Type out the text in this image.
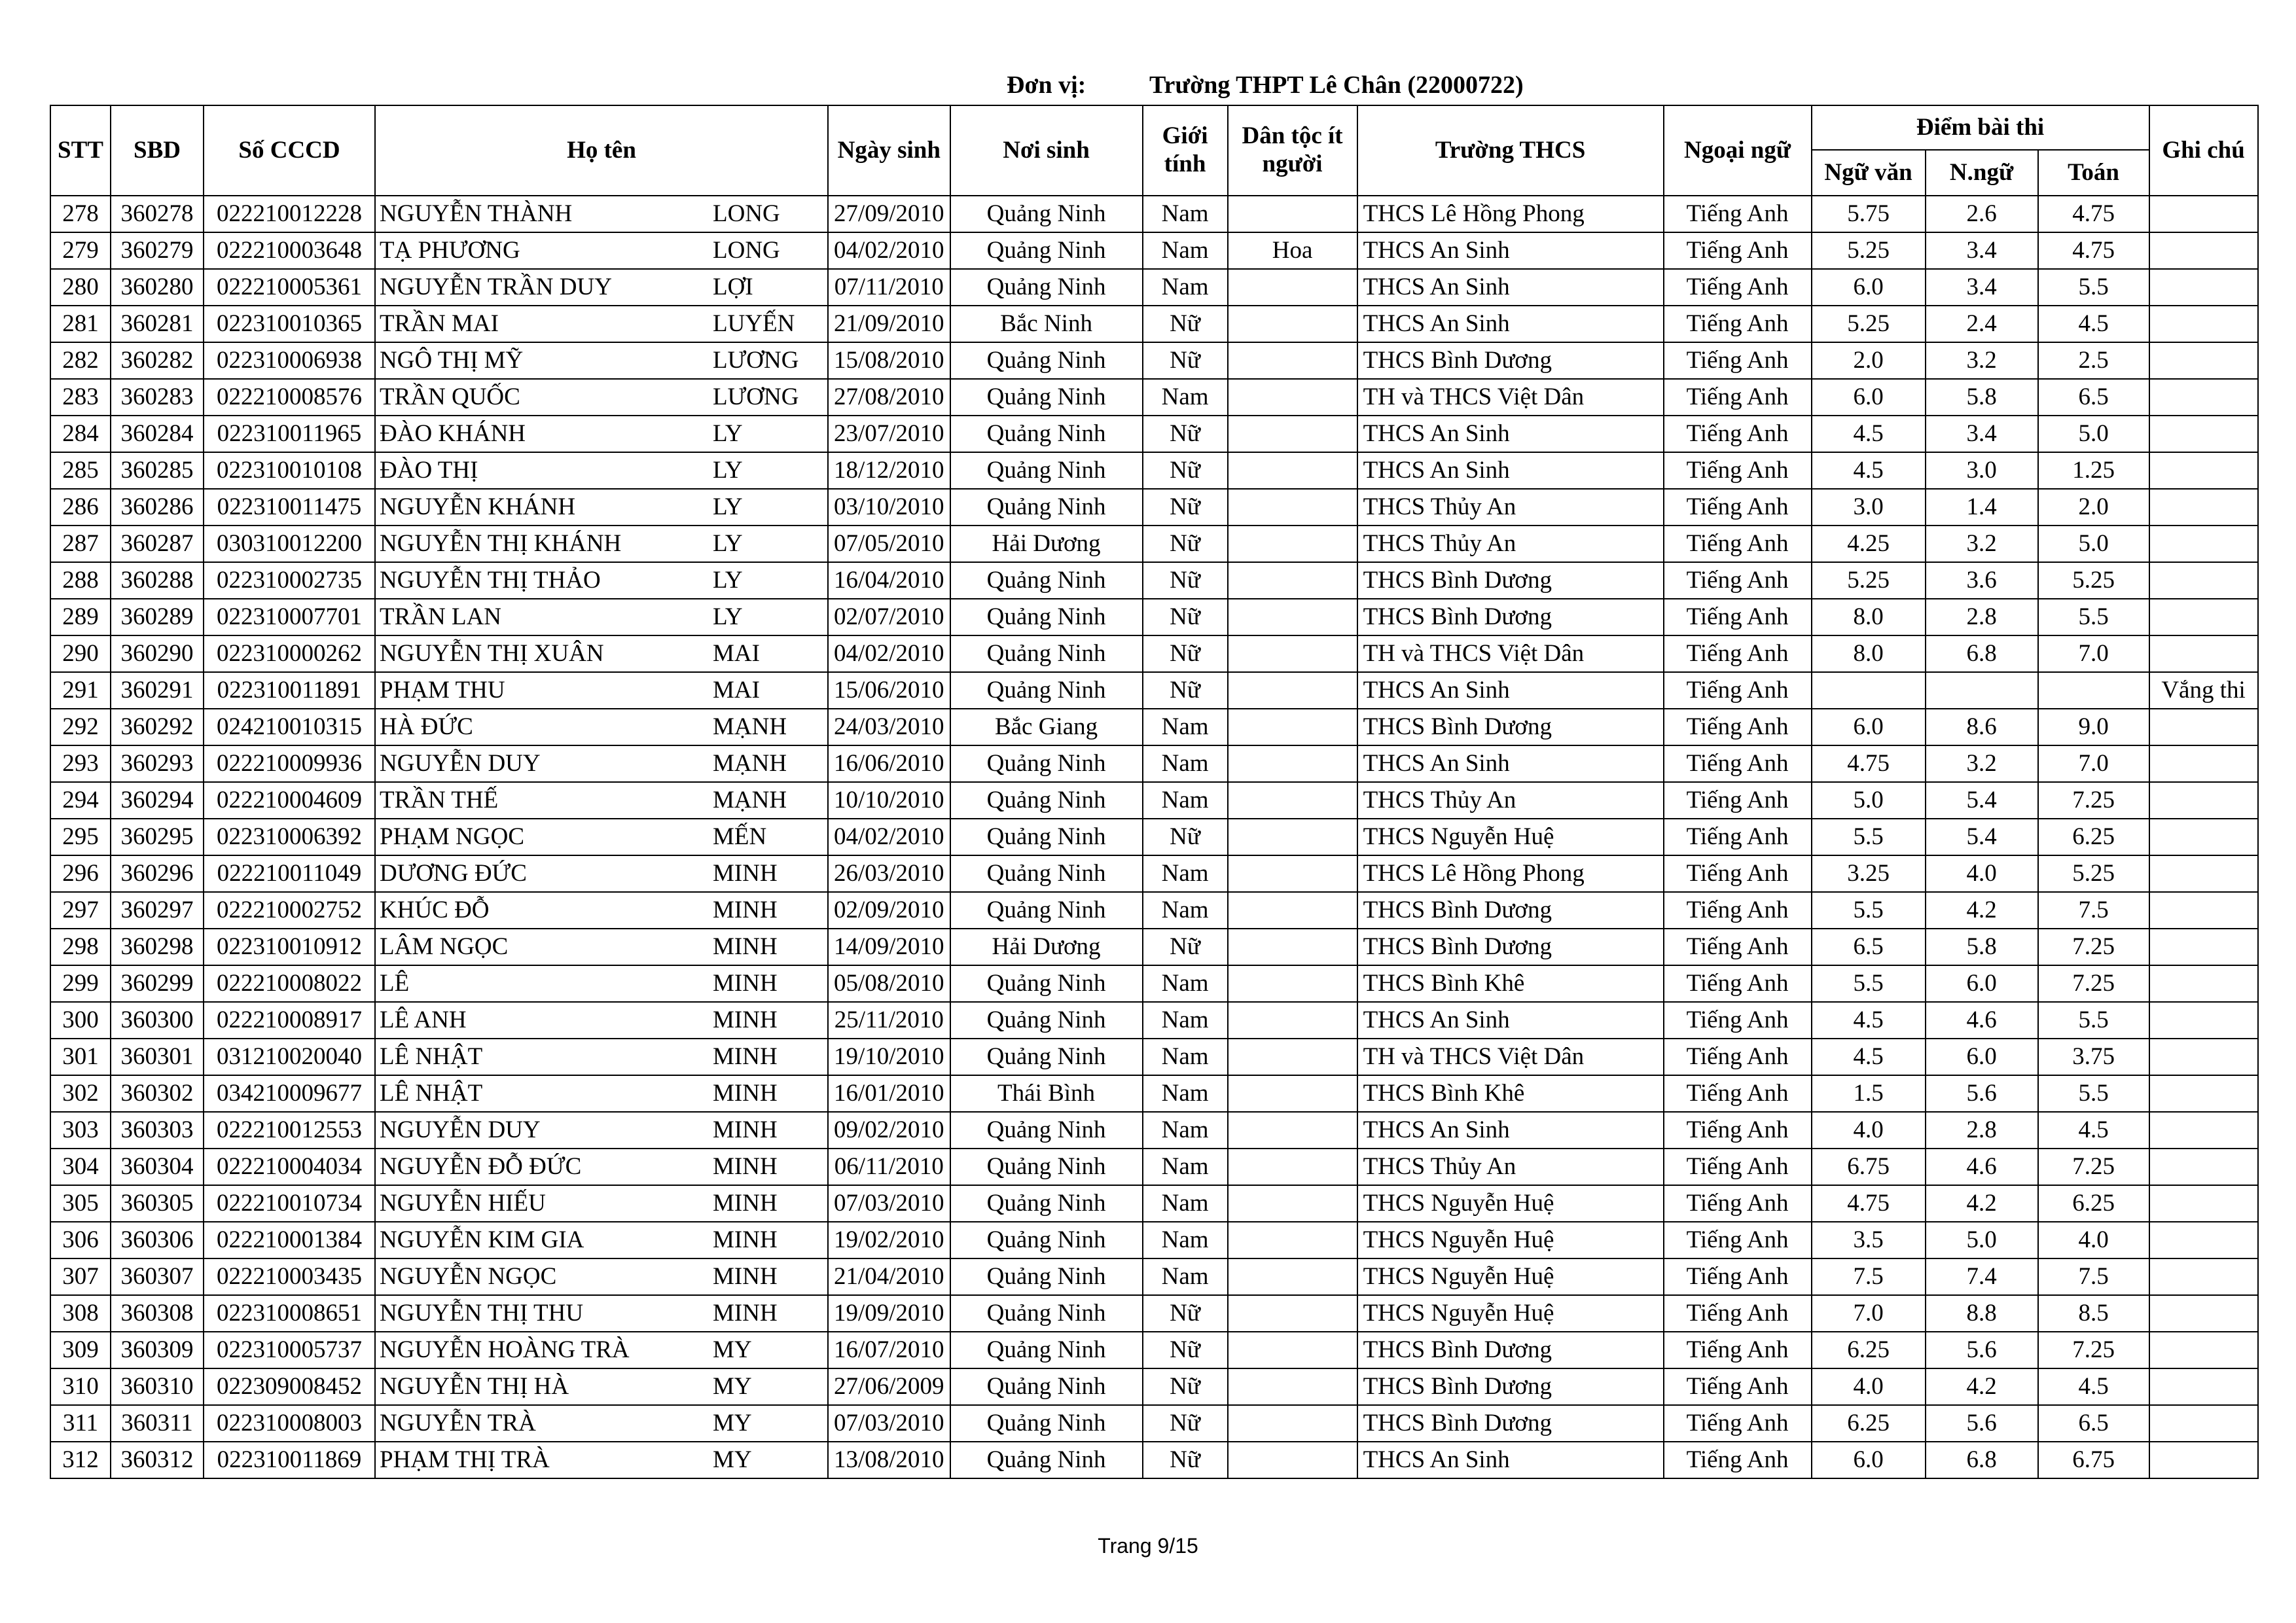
Đơn vị:	Trường THPT Lê Chân (22000722)
STT	SBD	Số CCCD	Họ tên		Ngày sinh	Nơi sinh	Giới
tính	Dân tộc ít
người	Trường THCS	Ngoại ngữ	Điểm bài thi			Ghi chú
											Ngữ văn	N.ngữ	Toán	
278	360278	022210012228	NGUYỄN THÀNH	LONG	27/09/2010	Quảng Ninh	Nam		THCS Lê Hồng Phong	Tiếng Anh	5.75	2.6	4.75	
279	360279	022210003648	TẠ PHƯƠNG	LONG	04/02/2010	Quảng Ninh	Nam	Hoa	THCS An Sinh	Tiếng Anh	5.25	3.4	4.75	
280	360280	022210005361	NGUYỄN TRẦN DUY	LỢI	07/11/2010	Quảng Ninh	Nam		THCS An Sinh	Tiếng Anh	6.0	3.4	5.5	
281	360281	022310010365	TRẦN MAI	LUYẾN	21/09/2010	Bắc Ninh	Nữ		THCS An Sinh	Tiếng Anh	5.25	2.4	4.5	
282	360282	022310006938	NGÔ THỊ MỸ	LƯƠNG	15/08/2010	Quảng Ninh	Nữ		THCS Bình Dương	Tiếng Anh	2.0	3.2	2.5	
283	360283	022210008576	TRẦN QUỐC	LƯƠNG	27/08/2010	Quảng Ninh	Nam		TH và THCS Việt Dân	Tiếng Anh	6.0	5.8	6.5	
284	360284	022310011965	ĐÀO KHÁNH	LY	23/07/2010	Quảng Ninh	Nữ		THCS An Sinh	Tiếng Anh	4.5	3.4	5.0	
285	360285	022310010108	ĐÀO THỊ	LY	18/12/2010	Quảng Ninh	Nữ		THCS An Sinh	Tiếng Anh	4.5	3.0	1.25	
286	360286	022310011475	NGUYỄN KHÁNH	LY	03/10/2010	Quảng Ninh	Nữ		THCS Thủy An	Tiếng Anh	3.0	1.4	2.0	
287	360287	030310012200	NGUYỄN THỊ KHÁNH	LY	07/05/2010	Hải Dương	Nữ		THCS Thủy An	Tiếng Anh	4.25	3.2	5.0	
288	360288	022310002735	NGUYỄN THỊ THẢO	LY	16/04/2010	Quảng Ninh	Nữ		THCS Bình Dương	Tiếng Anh	5.25	3.6	5.25	
289	360289	022310007701	TRẦN LAN	LY	02/07/2010	Quảng Ninh	Nữ		THCS Bình Dương	Tiếng Anh	8.0	2.8	5.5	
290	360290	022310000262	NGUYỄN THỊ XUÂN	MAI	04/02/2010	Quảng Ninh	Nữ		TH và THCS Việt Dân	Tiếng Anh	8.0	6.8	7.0	
291	360291	022310011891	PHẠM THU	MAI	15/06/2010	Quảng Ninh	Nữ		THCS An Sinh	Tiếng Anh				Vắng thi
292	360292	024210010315	HÀ ĐỨC	MẠNH	24/03/2010	Bắc Giang	Nam		THCS Bình Dương	Tiếng Anh	6.0	8.6	9.0	
293	360293	022210009936	NGUYỄN DUY	MẠNH	16/06/2010	Quảng Ninh	Nam		THCS An Sinh	Tiếng Anh	4.75	3.2	7.0	
294	360294	022210004609	TRẦN THẾ	MẠNH	10/10/2010	Quảng Ninh	Nam		THCS Thủy An	Tiếng Anh	5.0	5.4	7.25	
295	360295	022310006392	PHẠM NGỌC	MẾN	04/02/2010	Quảng Ninh	Nữ		THCS Nguyễn Huệ	Tiếng Anh	5.5	5.4	6.25	
296	360296	022210011049	DƯƠNG ĐỨC	MINH	26/03/2010	Quảng Ninh	Nam		THCS Lê Hồng Phong	Tiếng Anh	3.25	4.0	5.25	
297	360297	022210002752	KHÚC ĐỖ	MINH	02/09/2010	Quảng Ninh	Nam		THCS Bình Dương	Tiếng Anh	5.5	4.2	7.5	
298	360298	022310010912	LÂM NGỌC	MINH	14/09/2010	Hải Dương	Nữ		THCS Bình Dương	Tiếng Anh	6.5	5.8	7.25	
299	360299	022210008022	LÊ	MINH	05/08/2010	Quảng Ninh	Nam		THCS Bình Khê	Tiếng Anh	5.5	6.0	7.25	
300	360300	022210008917	LÊ ANH	MINH	25/11/2010	Quảng Ninh	Nam		THCS An Sinh	Tiếng Anh	4.5	4.6	5.5	
301	360301	031210020040	LÊ NHẬT	MINH	19/10/2010	Quảng Ninh	Nam		TH và THCS Việt Dân	Tiếng Anh	4.5	6.0	3.75	
302	360302	034210009677	LÊ NHẬT	MINH	16/01/2010	Thái Bình	Nam		THCS Bình Khê	Tiếng Anh	1.5	5.6	5.5	
303	360303	022210012553	NGUYỄN DUY	MINH	09/02/2010	Quảng Ninh	Nam		THCS An Sinh	Tiếng Anh	4.0	2.8	4.5	
304	360304	022210004034	NGUYỄN ĐỖ ĐỨC	MINH	06/11/2010	Quảng Ninh	Nam		THCS Thủy An	Tiếng Anh	6.75	4.6	7.25	
305	360305	022210010734	NGUYỄN HIẾU	MINH	07/03/2010	Quảng Ninh	Nam		THCS Nguyễn Huệ	Tiếng Anh	4.75	4.2	6.25	
306	360306	022210001384	NGUYỄN KIM GIA	MINH	19/02/2010	Quảng Ninh	Nam		THCS Nguyễn Huệ	Tiếng Anh	3.5	5.0	4.0	
307	360307	022210003435	NGUYỄN NGỌC	MINH	21/04/2010	Quảng Ninh	Nam		THCS Nguyễn Huệ	Tiếng Anh	7.5	7.4	7.5	
308	360308	022310008651	NGUYỄN THỊ THU	MINH	19/09/2010	Quảng Ninh	Nữ		THCS Nguyễn Huệ	Tiếng Anh	7.0	8.8	8.5	
309	360309	022310005737	NGUYỄN HOÀNG TRÀ	MY	16/07/2010	Quảng Ninh	Nữ		THCS Bình Dương	Tiếng Anh	6.25	5.6	7.25	
310	360310	022309008452	NGUYỄN THỊ HÀ	MY	27/06/2009	Quảng Ninh	Nữ		THCS Bình Dương	Tiếng Anh	4.0	4.2	4.5	
311	360311	022310008003	NGUYỄN TRÀ	MY	07/03/2010	Quảng Ninh	Nữ		THCS Bình Dương	Tiếng Anh	6.25	5.6	6.5	
312	360312	022310011869	PHẠM THỊ TRÀ	MY	13/08/2010	Quảng Ninh	Nữ		THCS An Sinh	Tiếng Anh	6.0	6.8	6.75	
Trang 9/15
